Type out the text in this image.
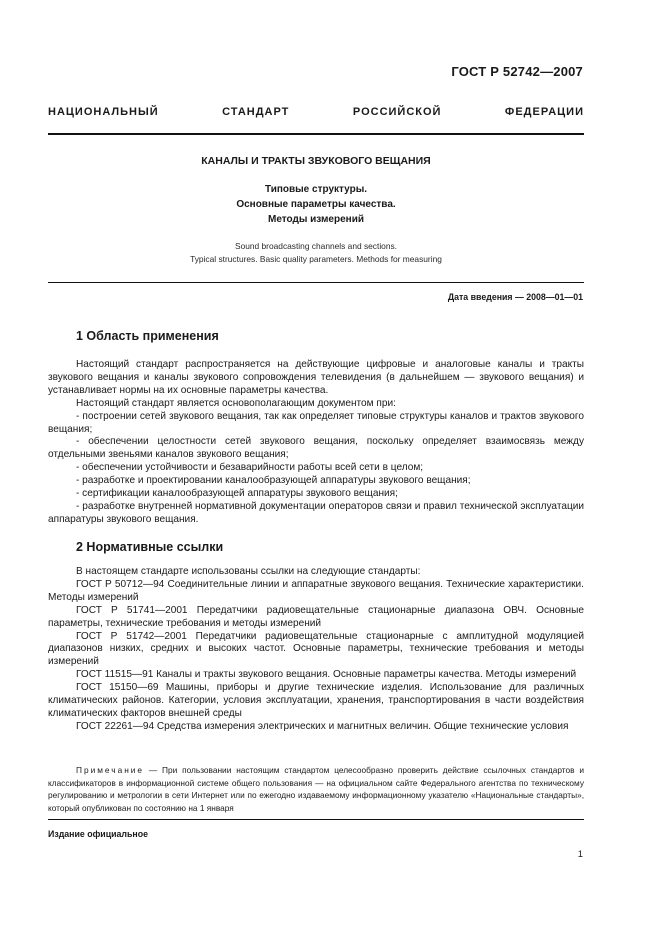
ГОСТ Р 52742—2007
НАЦИОНАЛЬНЫЙ СТАНДАРТ РОССИЙСКОЙ ФЕДЕРАЦИИ
КАНАЛЫ И ТРАКТЫ ЗВУКОВОГО ВЕЩАНИЯ
Типовые структуры.
Основные параметры качества.
Методы измерений
Sound broadcasting channels and sections.
Typical structures. Basic quality parameters. Methods for measuring
Дата введения — 2008—01—01
1 Область применения

Настоящий стандарт распространяется на действующие цифровые и аналоговые каналы и тракты звукового вещания и каналы звукового сопровождения телевидения (в дальнейшем — звукового вещания) и устанавливает нормы на их основные параметры качества.

Настоящий стандарт является основополагающим документом при:

- построении сетей звукового вещания, так как определяет типовые структуры каналов и трактов звукового вещания;

- обеспечении целостности сетей звукового вещания, поскольку определяет взаимосвязь между отдельными звеньями каналов звукового вещания;

- обеспечении устойчивости и безаварийности работы всей сети в целом;

- разработке и проектировании каналообразующей аппаратуры звукового вещания;

- сертификации каналообразующей аппаратуры звукового вещания;

- разработке внутренней нормативной документации операторов связи и правил технической эксплуатации аппаратуры звукового вещания.

2 Нормативные ссылки

В настоящем стандарте использованы ссылки на следующие стандарты:

ГОСТ Р 50712—94 Соединительные линии и аппаратные звукового вещания. Технические характеристики. Методы измерений

ГОСТ Р 51741—2001 Передатчики радиовещательные стационарные диапазона ОВЧ. Основные параметры, технические требования и методы измерений

ГОСТ Р 51742—2001 Передатчики радиовещательные стационарные с амплитудной модуляцией диапазонов низких, средних и высоких частот. Основные параметры, технические требования и методы измерений

ГОСТ 11515—91 Каналы и тракты звукового вещания. Основные параметры качества. Методы измерений

ГОСТ 15150—69 Машины, приборы и другие технические изделия. Использование для различных климатических районов. Категории, условия эксплуатации, хранения, транспортирования в части воздействия климатических факторов внешней среды

ГОСТ 22261—94 Средства измерения электрических и магнитных величин. Общие технические условия

Примечание — При пользовании настоящим стандартом целесообразно проверить действие ссылочных стандартов и классификаторов в информационной системе общего пользования — на официальном сайте Федерального агентства по техническому регулированию и метрологии в сети Интернет или по ежегодно издаваемому информационному указателю «Национальные стандарты», который опубликован по состоянию на 1 января
Издание официальное
1
